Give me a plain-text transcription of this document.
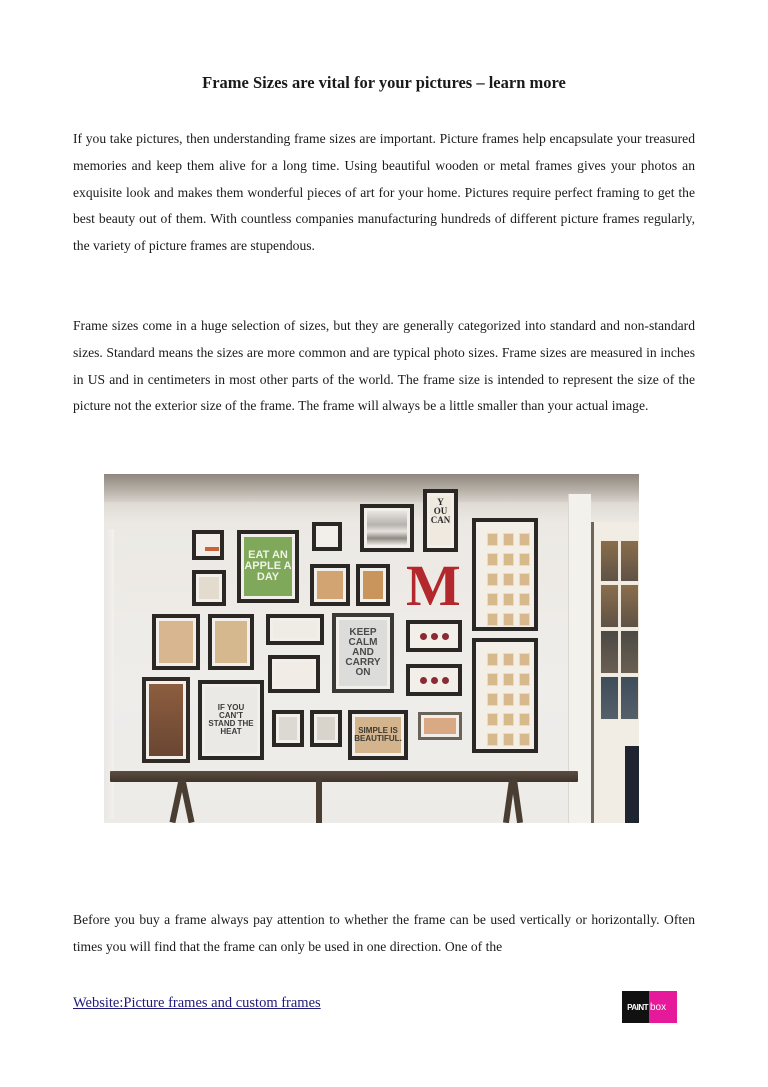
Frame Sizes are vital for your pictures – learn more

If you take pictures, then understanding frame sizes are important. Picture frames help encapsulate your treasured memories and keep them alive for a long time. Using beautiful wooden or metal frames gives your photos an exquisite look and makes them wonderful pieces of art for your home. Pictures require perfect framing to get the best beauty out of them. With countless companies manufacturing hundreds of different picture frames regularly, the variety of picture frames are stupendous.

Frame sizes come in a huge selection of sizes, but they are generally categorized into standard and non-standard sizes. Standard means the sizes are more common and are typical photo sizes. Frame sizes are measured in inches in US and in centimeters in most other parts of the world. The frame size is intended to represent the size of the picture not the exterior size of the frame. The frame will always be a little smaller than your actual image.

EAT AN APPLE A DAY
Y OU CAN
M
KEEP CALM AND CARRY ON
IF YOU CAN'T STAND THE HEAT	SIMPLE IS BEAUTIFUL.

Before you buy a frame always pay attention to whether the frame can be used vertically or horizontally. Often times you will find that the frame can only be used in one direction. One of the

Website:Picture frames and custom frames	PAINT box
